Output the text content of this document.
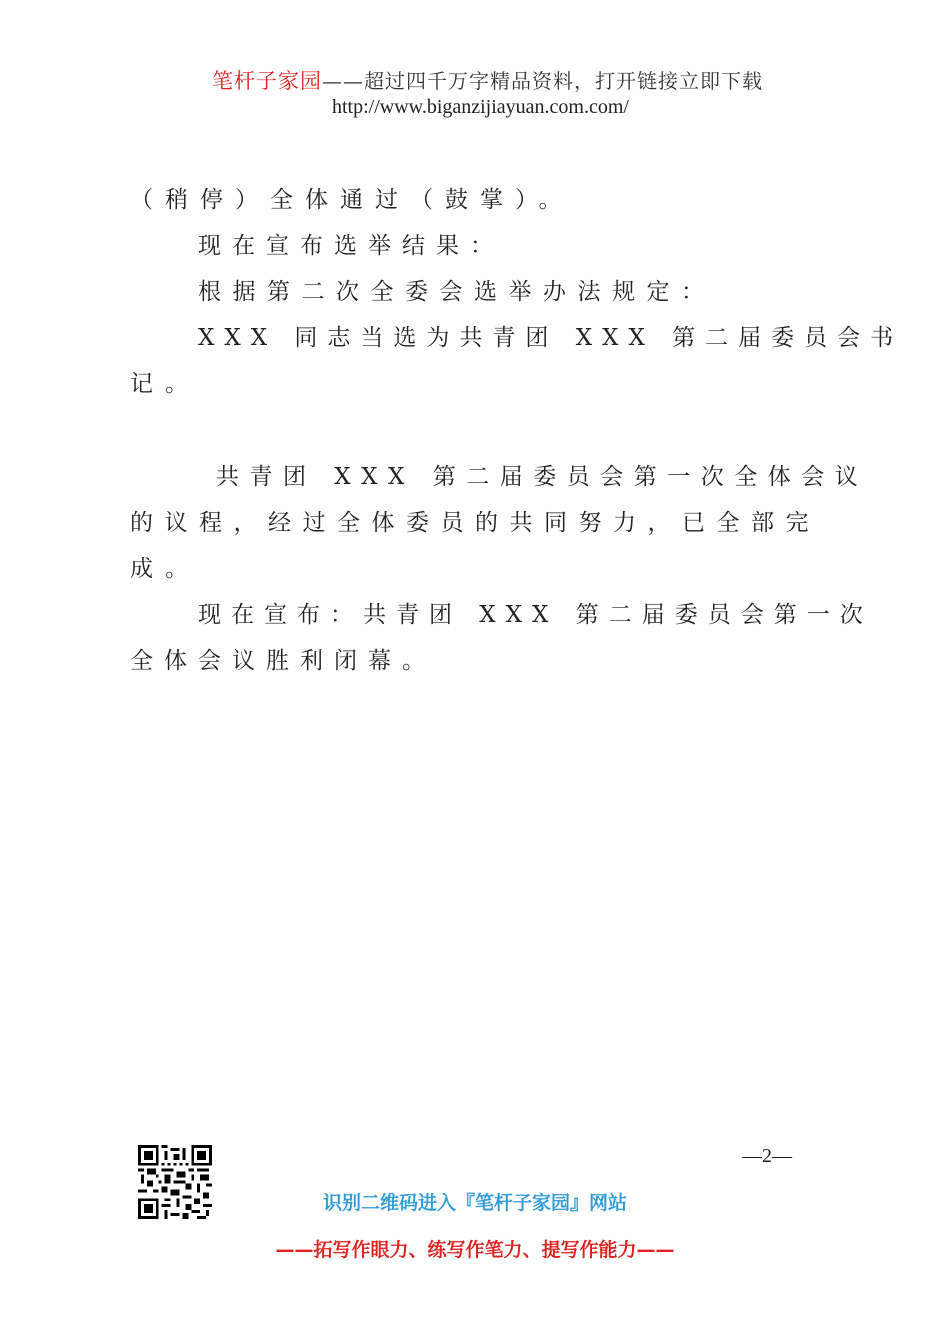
笔杆子家园——超过四千万字精品资料，打开链接立即下载
http://www.biganzijiayuan.com.com/
（稍停）全体通过（鼓掌）。
现在宣布选举结果：
根据第二次全委会选举办法规定：
XXX 同志当选为共青团 XXX 第二届委员会书
记。
共青团 XXX 第二届委员会第一次全体会议
的议程，经过全体委员的共同努力，已全部完
成。
现在宣布：共青团 XXX 第二届委员会第一次
全体会议胜利闭幕。
—2—
识别二维码进入『笔杆子家园』网站
——拓写作眼力、练写作笔力、提写作能力——
